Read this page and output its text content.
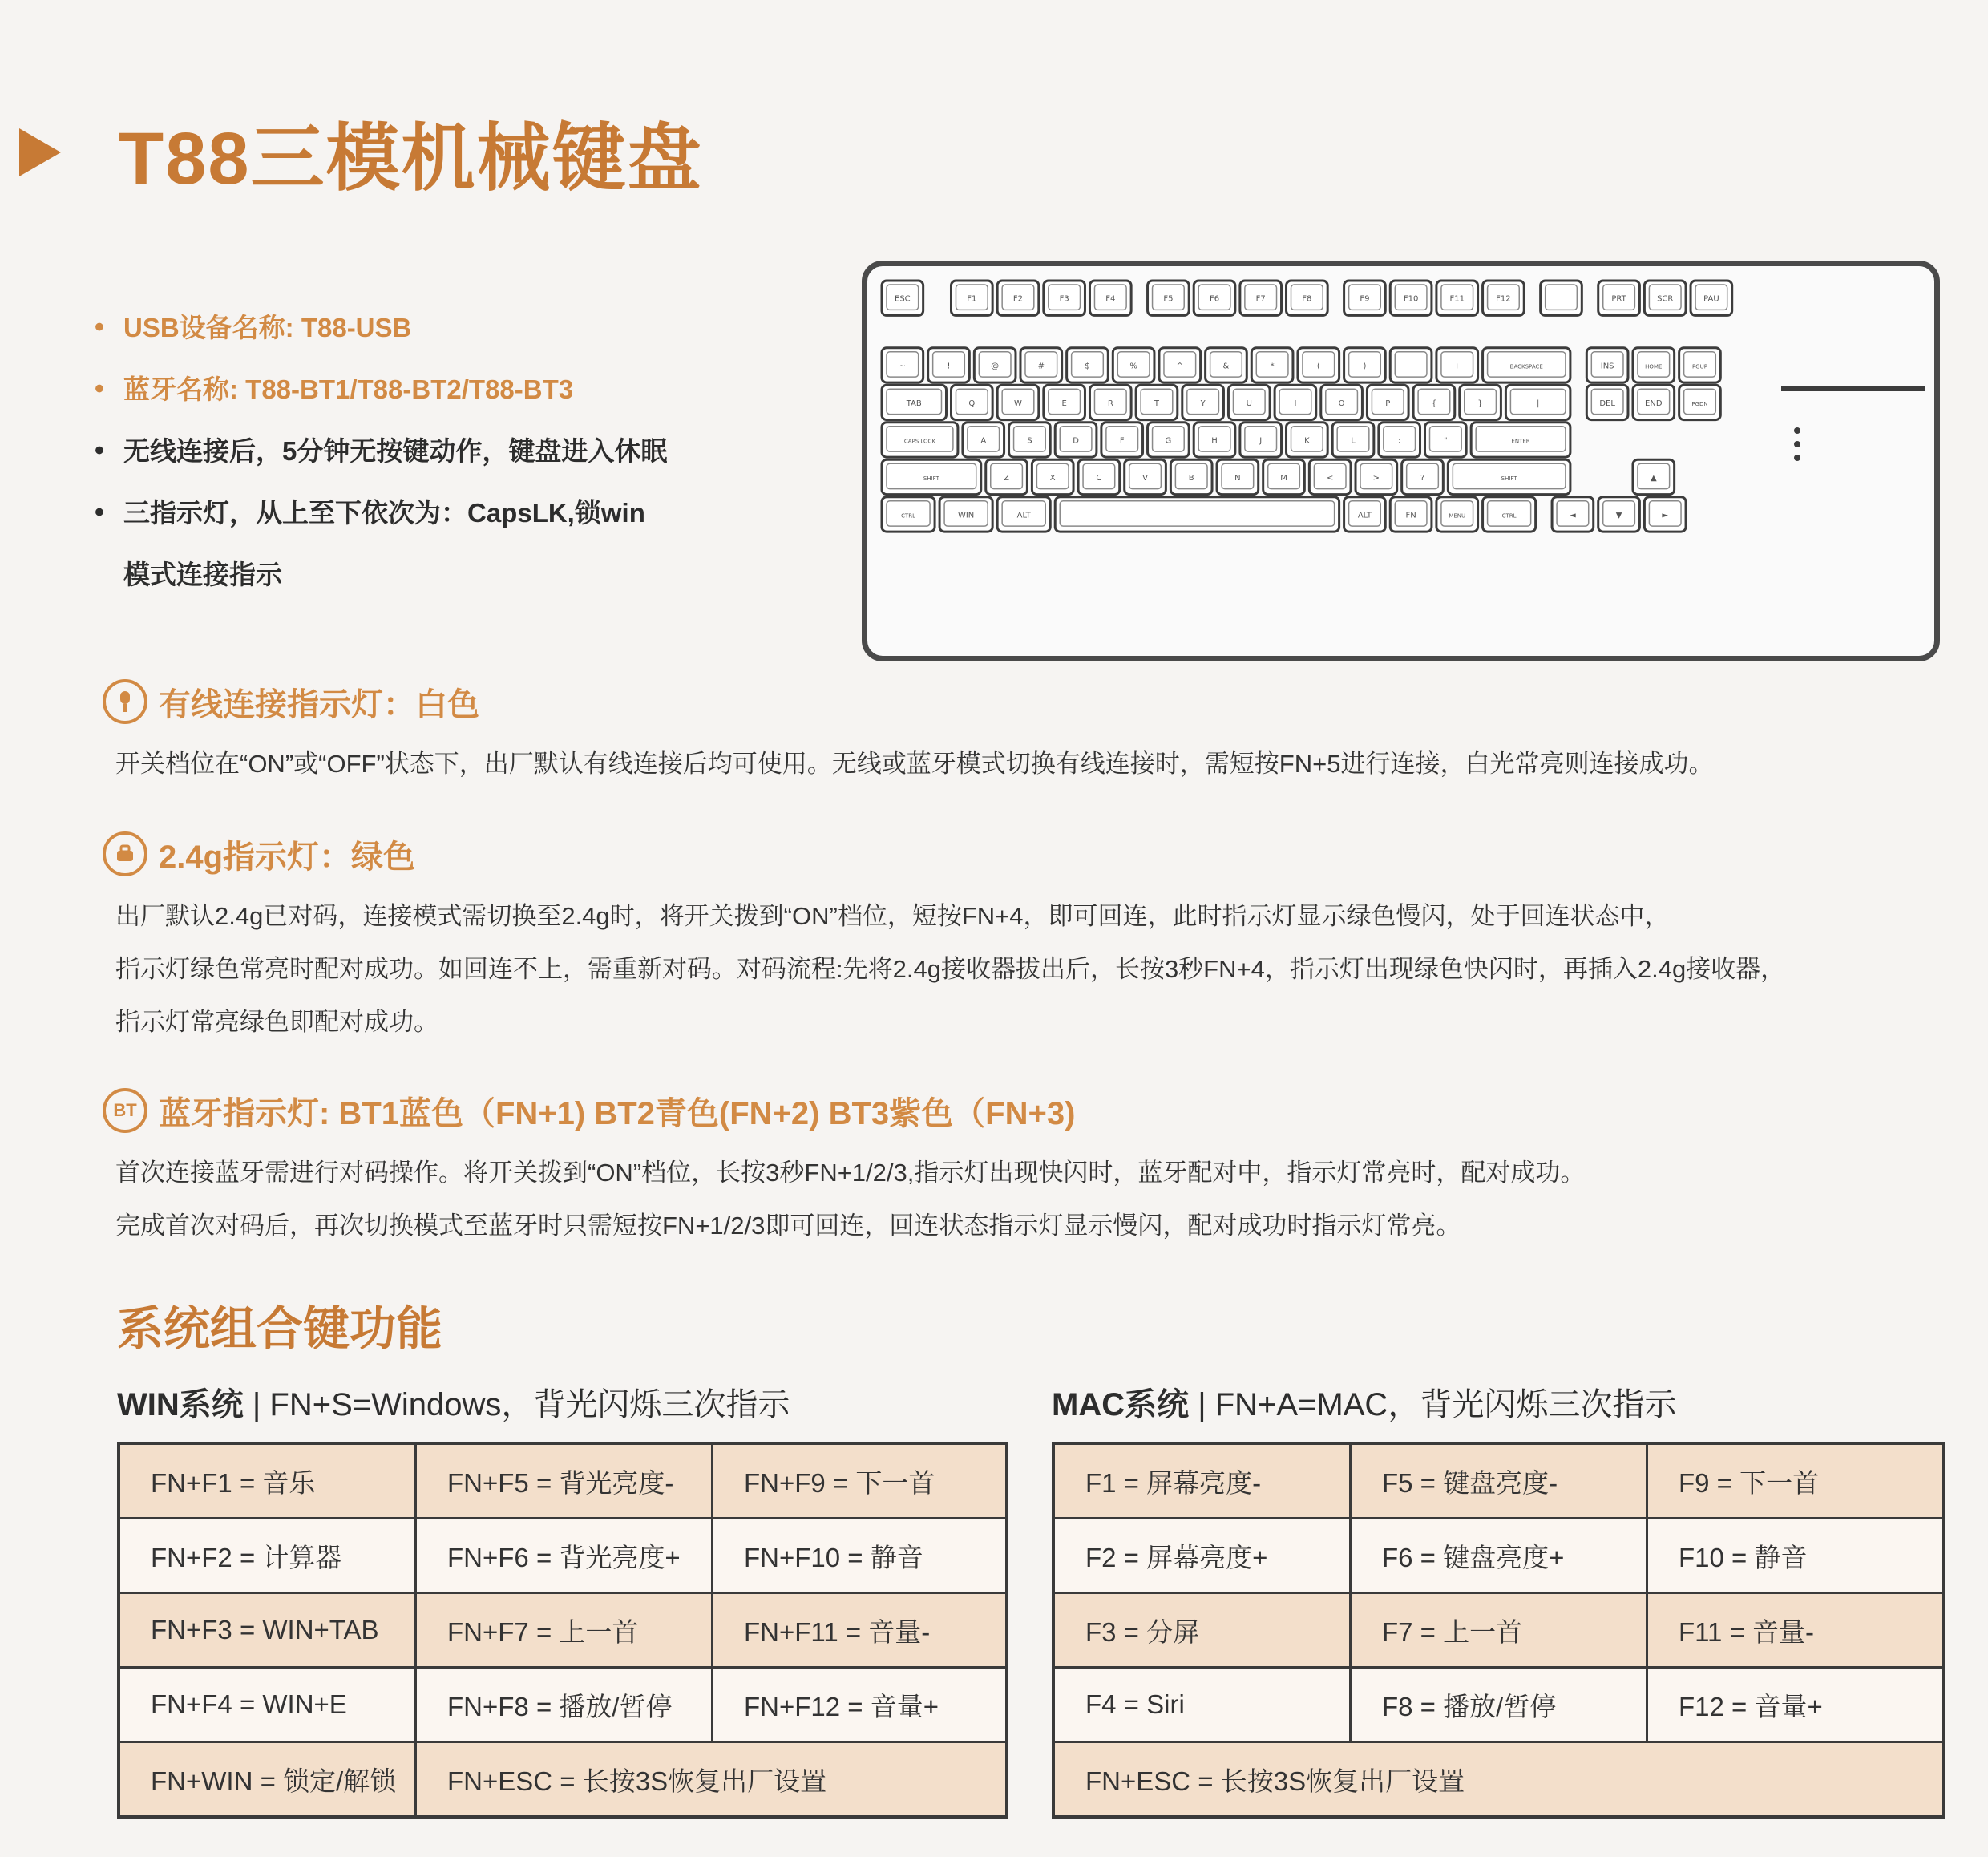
T88三模机械键盘
• USB设备名称: T88-USB
• 蓝牙名称: T88-BT1/T88-BT2/T88-BT3
• 无线连接后，5分钟无按键动作，键盘进入休眠
• 三指示灯，从上至下依次为：CapsLK,锁win
模式连接指示
ESC	F1	F2	F3	F4	F5	F6	F7	F8	F9	F10	F11	F12	PRT	SCR	PAU
~	!	@	#	$	%	^	&	*	(	)	-	+	BACKSPACE	INS	HOME	PGUP
TAB	Q	W	E	R	T	Y	U	I	O	P	{	}	|	DEL	END	PGDN
CAPS LOCK	A	S	D	F	G	H	J	K	L	:	"	ENTER
SHIFT	Z	X	C	V	B	N	M	<	>	?	SHIFT	▲
CTRL	WIN	ALT	ALT	FN	MENU	CTRL	◄	▼	►
有线连接指示灯：白色

开关档位在“ON”或“OFF”状态下，出厂默认有线连接后均可使用。无线或蓝牙模式切换有线连接时，需短按FN+5进行连接，白光常亮则连接成功。

2.4g指示灯：绿色

出厂默认2.4g已对码，连接模式需切换至2.4g时，将开关拨到“ON”档位，短按FN+4，即可回连，此时指示灯显示绿色慢闪，处于回连状态中，

指示灯绿色常亮时配对成功。如回连不上，需重新对码。对码流程:先将2.4g接收器拔出后，长按3秒FN+4，指示灯出现绿色快闪时，再插入2.4g接收器，

指示灯常亮绿色即配对成功。

BT 蓝牙指示灯: BT1蓝色（FN+1) BT2青色(FN+2) BT3紫色（FN+3)

首次连接蓝牙需进行对码操作。将开关拨到“ON”档位，长按3秒FN+1/2/3,指示灯出现快闪时，蓝牙配对中，指示灯常亮时，配对成功。

完成首次对码后，再次切换模式至蓝牙时只需短按FN+1/2/3即可回连，回连状态指示灯显示慢闪，配对成功时指示灯常亮。

系统组合键功能
WIN系统 | FN+S=Windows，背光闪烁三次指示	MAC系统 | FN+A=MAC，背光闪烁三次指示
FN+F1 = 音乐	FN+F5 = 背光亮度-	FN+F9 = 下一首
FN+F2 = 计算器	FN+F6 = 背光亮度+	FN+F10 = 静音
FN+F3 = WIN+TAB	FN+F7 = 上一首	FN+F11 = 音量-
FN+F4 = WIN+E	FN+F8 = 播放/暂停	FN+F12 = 音量+
FN+WIN = 锁定/解锁	FN+ESC = 长按3S恢复出厂设置
F1 = 屏幕亮度-	F5 = 键盘亮度-	F9 = 下一首
F2 = 屏幕亮度+	F6 = 键盘亮度+	F10 = 静音
F3 = 分屏	F7 = 上一首	F11 = 音量-
F4 = Siri	F8 = 播放/暂停	F12 = 音量+
FN+ESC = 长按3S恢复出厂设置
